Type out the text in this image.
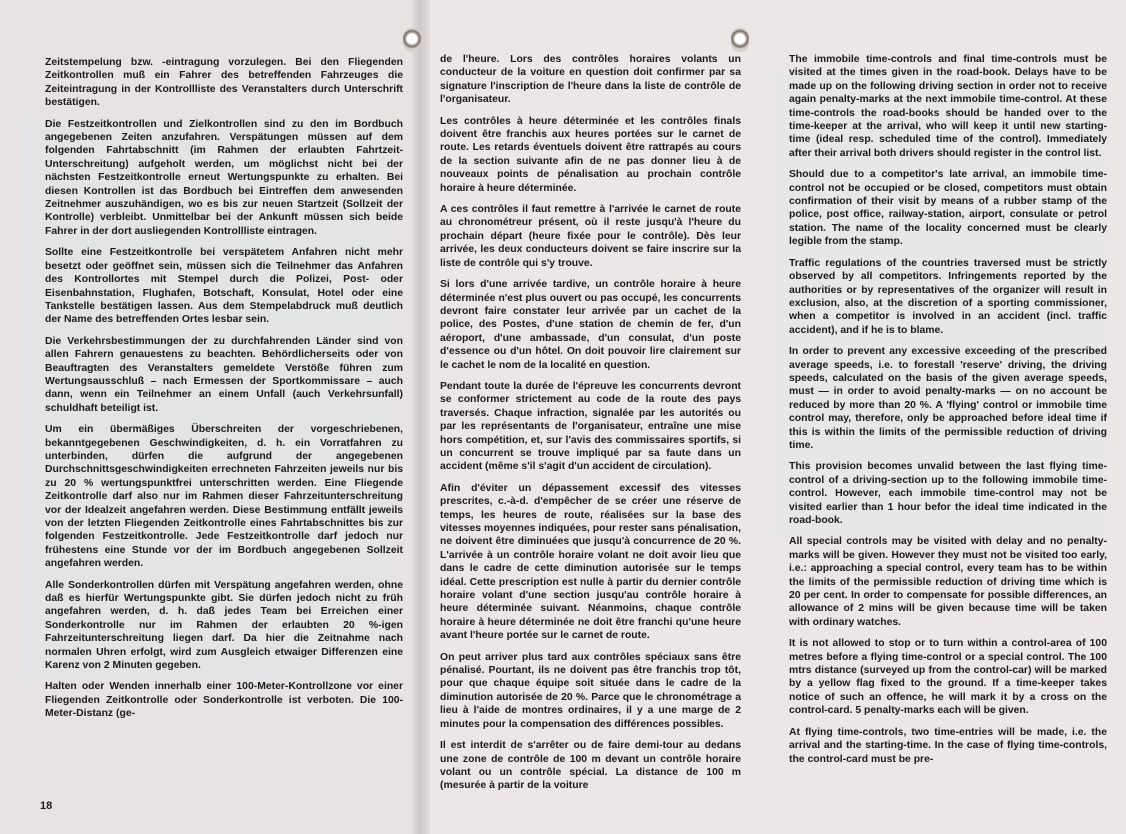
Zeitstempelung bzw. -eintragung vorzulegen. Bei den Fliegenden Zeitkontrollen muß ein Fahrer des betreffenden Fahrzeuges die Zeiteintragung in der Kontrollliste des Veranstalters durch Unterschrift bestätigen.

Die Festzeitkontrollen und Zielkontrollen sind zu den im Bordbuch angegebenen Zeiten anzufahren. Verspätungen müssen auf dem folgenden Fahrtabschnitt (im Rahmen der erlaubten Fahrtzeit-Unterschreitung) aufgeholt werden, um möglichst nicht bei der nächsten Festzeitkontrolle erneut Wertungspunkte zu erhalten. Bei diesen Kontrollen ist das Bordbuch bei Eintreffen dem anwesenden Zeitnehmer auszuhändigen, wo es bis zur neuen Startzeit (Sollzeit der Kontrolle) verbleibt. Unmittelbar bei der Ankunft müssen sich beide Fahrer in der dort ausliegenden Kontrollliste eintragen.

Sollte eine Festzeitkontrolle bei verspätetem Anfahren nicht mehr besetzt oder geöffnet sein, müssen sich die Teilnehmer das Anfahren des Kontrollortes mit Stempel durch die Polizei, Post- oder Eisenbahnstation, Flughafen, Botschaft, Konsulat, Hotel oder eine Tankstelle bestätigen lassen. Aus dem Stempelabdruck muß deutlich der Name des betreffenden Ortes lesbar sein.

Die Verkehrsbestimmungen der zu durchfahrenden Länder sind von allen Fahrern genauestens zu beachten. Behördlicherseits oder von Beauftragten des Veranstalters gemeldete Verstöße führen zum Wertungsausschluß – nach Ermessen der Sportkommissare – auch dann, wenn ein Teilnehmer an einem Unfall (auch Verkehrsunfall) schuldhaft beteiligt ist.

Um ein übermäßiges Überschreiten der vorgeschriebenen, bekanntgegebenen Geschwindigkeiten, d. h. ein Vorratfahren zu unterbinden, dürfen die aufgrund der angegebenen Durchschnittsgeschwindigkeiten errechneten Fahrzeiten jeweils nur bis zu 20 % wertungspunktfrei unterschritten werden. Eine Fliegende Zeitkontrolle darf also nur im Rahmen dieser Fahrzeitunterschreitung vor der Idealzeit angefahren werden. Diese Bestimmung entfällt jeweils von der letzten Fliegenden Zeitkontrolle eines Fahrtabschnittes bis zur folgenden Festzeitkontrolle. Jede Festzeitkontrolle darf jedoch nur frühestens eine Stunde vor der im Bordbuch angegebenen Sollzeit angefahren werden.

Alle Sonderkontrollen dürfen mit Verspätung angefahren werden, ohne daß es hierfür Wertungspunkte gibt. Sie dürfen jedoch nicht zu früh angefahren werden, d. h. daß jedes Team bei Erreichen einer Sonderkontrolle nur im Rahmen der erlaubten 20 %-igen Fahrzeitunterschreitung liegen darf. Da hier die Zeitnahme nach normalen Uhren erfolgt, wird zum Ausgleich etwaiger Differenzen eine Karenz von 2 Minuten gegeben.

Halten oder Wenden innerhalb einer 100-Meter-Kontrollzone vor einer Fliegenden Zeitkontrolle oder Sonderkontrolle ist verboten. Die 100-Meter-Distanz (ge-

de l'heure. Lors des contrôles horaires volants un conducteur de la voiture en question doit confirmer par sa signature l'inscription de l'heure dans la liste de contrôle de l'organisateur.

Les contrôles à heure déterminée et les contrôles finals doivent être franchis aux heures portées sur le carnet de route. Les retards éventuels doivent être rattrapés au cours de la section suivante afin de ne pas donner lieu à de nouveaux points de pénalisation au prochain contrôle horaire à heure déterminée.

A ces contrôles il faut remettre à l'arrivée le carnet de route au chronométreur présent, où il reste jusqu'à l'heure du prochain départ (heure fixée pour le contrôle). Dès leur arrivée, les deux conducteurs doivent se faire inscrire sur la liste de contrôle qui s'y trouve.

Si lors d'une arrivée tardive, un contrôle horaire à heure déterminée n'est plus ouvert ou pas occupé, les concurrents devront faire constater leur arrivée par un cachet de la police, des Postes, d'une station de chemin de fer, d'un aéroport, d'une ambassade, d'un consulat, d'un poste d'essence ou d'un hôtel. On doit pouvoir lire clairement sur le cachet le nom de la localité en question.

Pendant toute la durée de l'épreuve les concurrents devront se conformer strictement au code de la route des pays traversés. Chaque infraction, signalée par les autorités ou par les représentants de l'organisateur, entraîne une mise hors compétition, et, sur l'avis des commissaires sportifs, si un concurrent se trouve impliqué par sa faute dans un accident (même s'il s'agit d'un accident de circulation).

Afin d'éviter un dépassement excessif des vitesses prescrites, c.-à-d. d'empêcher de se créer une réserve de temps, les heures de route, réalisées sur la base des vitesses moyennes indiquées, pour rester sans pénalisation, ne doivent être diminuées que jusqu'à concurrence de 20 %. L'arrivée à un contrôle horaire volant ne doit avoir lieu que dans le cadre de cette diminution autorisée sur le temps idéal. Cette prescription est nulle à partir du dernier contrôle horaire volant d'une section jusqu'au contrôle horaire à heure déterminée suivant. Néanmoins, chaque contrôle horaire à heure déterminée ne doit être franchi qu'une heure avant l'heure portée sur le carnet de route.

On peut arriver plus tard aux contrôles spéciaux sans être pénalisé. Pourtant, ils ne doivent pas être franchis trop tôt, pour que chaque équipe soit située dans le cadre de la diminution autorisée de 20 %. Parce que le chronométrage a lieu à l'aide de montres ordinaires, il y a une marge de 2 minutes pour la compensation des différences possibles.

Il est interdit de s'arrêter ou de faire demi-tour au dedans une zone de contrôle de 100 m devant un contrôle horaire volant ou un contrôle spécial. La distance de 100 m (mesurée à partir de la voiture

The immobile time-controls and final time-controls must be visited at the times given in the road-book. Delays have to be made up on the following driving section in order not to receive again penalty-marks at the next immobile time-control. At these time-controls the road-books should be handed over to the time-keeper at the arrival, who will keep it until new starting-time (ideal resp. scheduled time of the control). Immediately after their arrival both drivers should register in the control list.

Should due to a competitor's late arrival, an immobile time-control not be occupied or be closed, competitors must obtain confirmation of their visit by means of a rubber stamp of the police, post office, railway-station, airport, consulate or petrol station. The name of the locality concerned must be clearly legible from the stamp.

Traffic regulations of the countries traversed must be strictly observed by all competitors. Infringements reported by the authorities or by representatives of the organizer will result in exclusion, also, at the discretion of a sporting commissioner, when a competitor is involved in an accident (incl. traffic accident), and if he is to blame.

In order to prevent any excessive exceeding of the prescribed average speeds, i.e. to forestall 'reserve' driving, the driving speeds, calculated on the basis of the given average speeds, must — in order to avoid penalty-marks — on no account be reduced by more than 20 %. A 'flying' control or immobile time control may, therefore, only be approached before ideal time if this is within the limits of the permissible reduction of driving time.

This provision becomes unvalid between the last flying time-control of a driving-section up to the following immobile time-control. However, each immobile time-control may not be visited earlier than 1 hour befor the ideal time indicated in the road-book.

All special controls may be visited with delay and no penalty-marks will be given. However they must not be visited too early, i.e.: approaching a special control, every team has to be within the limits of the permissible reduction of driving time which is 20 per cent. In order to compensate for possible differences, an allowance of 2 mins will be given because time will be taken with ordinary watches.

It is not allowed to stop or to turn within a control-area of 100 metres before a flying time-control or a special control. The 100 mtrs distance (surveyed up from the control-car) will be marked by a yellow flag fixed to the ground. If a time-keeper takes notice of such an offence, he will mark it by a cross on the control-card. 5 penalty-marks each will be given.

At flying time-controls, two time-entries will be made, i.e. the arrival and the starting-time. In the case of flying time-controls, the control-card must be pre-

18
